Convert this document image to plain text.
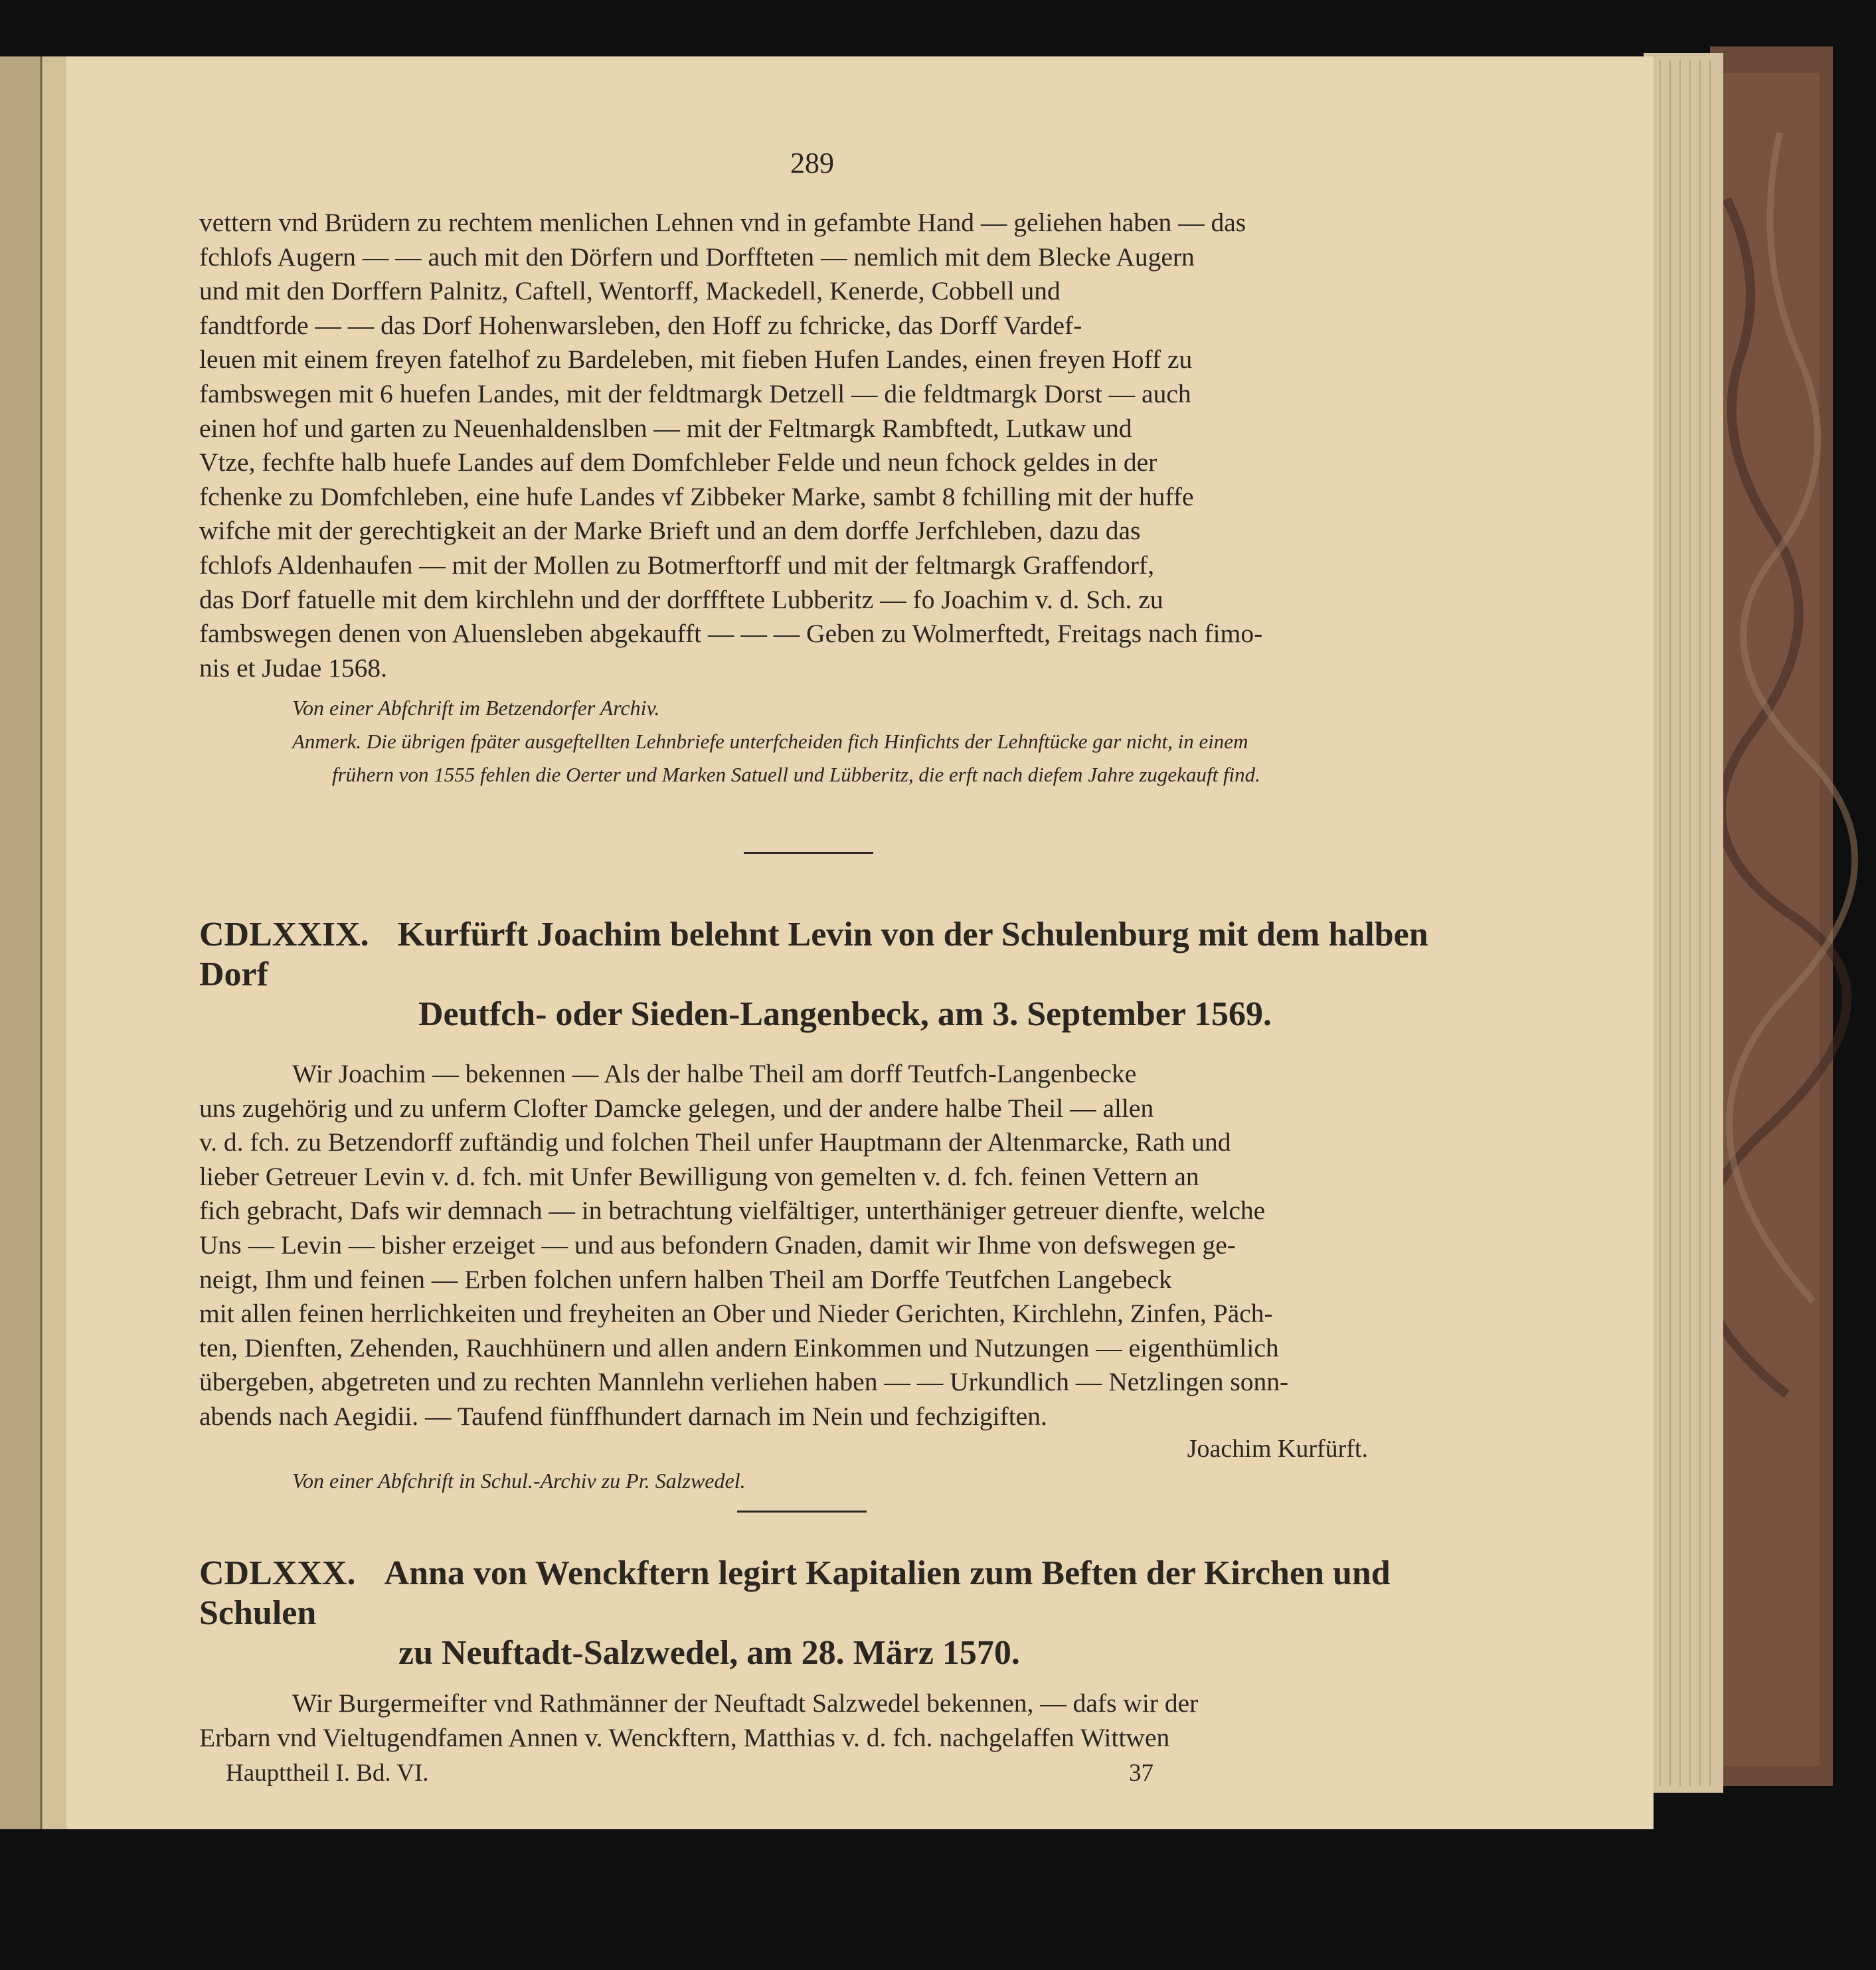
289

vettern vnd Brüdern zu rechtem menlichen Lehnen vnd in gefambte Hand — geliehen haben — das

fchlofs Augern — — auch mit den Dörfern und Dorffteten — nemlich mit dem Blecke Augern

und mit den Dorffern Palnitz, Caftell, Wentorff, Mackedell, Kenerde, Cobbell und

fandtforde — — das Dorf Hohenwarsleben, den Hoff zu fchricke, das Dorff Vardef-

leuen mit einem freyen fatelhof zu Bardeleben, mit fieben Hufen Landes, einen freyen Hoff zu

fambswegen mit 6 huefen Landes, mit der feldtmargk Detzell — die feldtmargk Dorst — auch

einen hof und garten zu Neuenhaldenslben — mit der Feltmargk Rambftedt, Lutkaw und

Vtze, fechfte halb huefe Landes auf dem Domfchleber Felde und neun fchock geldes in der

fchenke zu Domfchleben, eine hufe Landes vf Zibbeker Marke, sambt 8 fchilling mit der huffe

wifche mit der gerechtigkeit an der Marke Brieft und an dem dorffe Jerfchleben, dazu das

fchlofs Aldenhaufen — mit der Mollen zu Botmerftorff und mit der feltmargk Graffendorf,

das Dorf fatuelle mit dem kirchlehn und der dorffftete Lubberitz — fo Joachim v. d. Sch. zu

fambswegen denen von Aluensleben abgekaufft — — — Geben zu Wolmerftedt, Freitags nach fimo-

nis et Judae 1568.

Von einer Abfchrift im Betzendorfer Archiv.
Anmerk. Die übrigen fpäter ausgeftellten Lehnbriefe unterfcheiden fich Hinfichts der Lehnftücke gar nicht, in einem
frühern von 1555 fehlen die Oerter und Marken Satuell und Lübberitz, die erft nach diefem Jahre zugekauft find.
CDLXXIX. Kurfürft Joachim belehnt Levin von der Schulenburg mit dem halben Dorf
Deutfch- oder Sieden-Langenbeck, am 3. September 1569.

Wir Joachim — bekennen — Als der halbe Theil am dorff Teutfch-Langenbecke

uns zugehörig und zu unferm Clofter Damcke gelegen, und der andere halbe Theil — allen

v. d. fch. zu Betzendorff zuftändig und folchen Theil unfer Hauptmann der Altenmarcke, Rath und

lieber Getreuer Levin v. d. fch. mit Unfer Bewilligung von gemelten v. d. fch. feinen Vettern an

fich gebracht, Dafs wir demnach — in betrachtung vielfältiger, unterthäniger getreuer dienfte, welche

Uns — Levin — bisher erzeiget — und aus befondern Gnaden, damit wir Ihme von defswegen ge-

neigt, Ihm und feinen — Erben folchen unfern halben Theil am Dorffe Teutfchen Langebeck

mit allen feinen herrlichkeiten und freyheiten an Ober und Nieder Gerichten, Kirchlehn, Zinfen, Päch-

ten, Dienften, Zehenden, Rauchhünern und allen andern Einkommen und Nutzungen — eigenthümlich

übergeben, abgetreten und zu rechten Mannlehn verliehen haben — — Urkundlich — Netzlingen sonn-

abends nach Aegidii. — Taufend fünffhundert darnach im Nein und fechzigiften.

Joachim Kurfürft.
Von einer Abfchrift in Schul.-Archiv zu Pr. Salzwedel.
CDLXXX. Anna von Wenckftern legirt Kapitalien zum Beften der Kirchen und Schulen
zu Neuftadt-Salzwedel, am 28. März 1570.

Wir Burgermeifter vnd Rathmänner der Neuftadt Salzwedel bekennen, — dafs wir der

Erbarn vnd Vieltugendfamen Annen v. Wenckftern, Matthias v. d. fch. nachgelaffen Wittwen

Haupttheil I. Bd. VI.	37
